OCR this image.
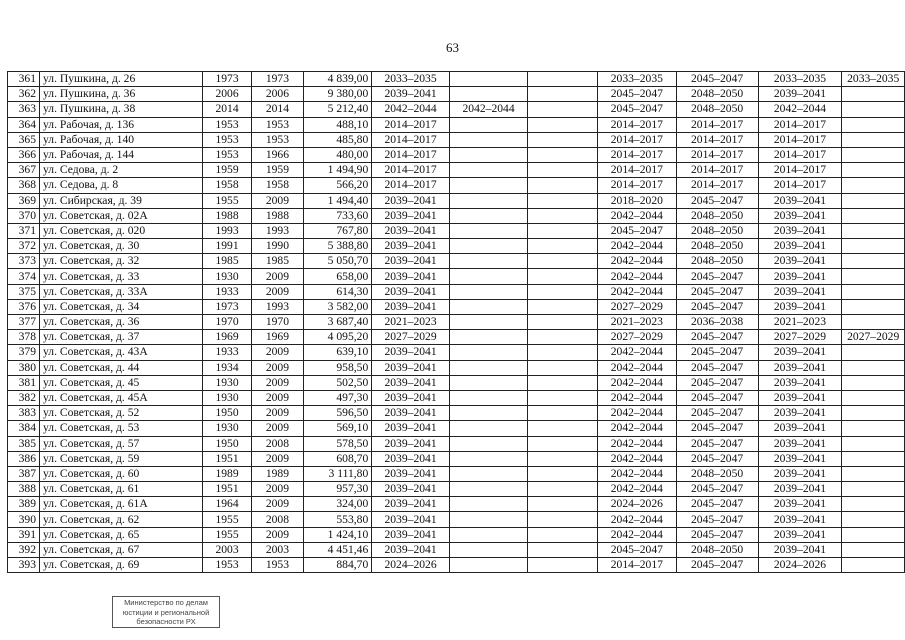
63
361	ул. Пушкина, д. 26	1973	1973	4 839,00	2033–2035			2033–2035	2045–2047	2033–2035	2033–2035
362	ул. Пушкина, д. 36	2006	2006	9 380,00	2039–2041			2045–2047	2048–2050	2039–2041	
363	ул. Пушкина, д. 38	2014	2014	5 212,40	2042–2044	2042–2044		2045–2047	2048–2050	2042–2044	
364	ул. Рабочая, д. 136	1953	1953	488,10	2014–2017			2014–2017	2014–2017	2014–2017	
365	ул. Рабочая, д. 140	1953	1953	485,80	2014–2017			2014–2017	2014–2017	2014–2017	
366	ул. Рабочая, д. 144	1953	1966	480,00	2014–2017			2014–2017	2014–2017	2014–2017	
367	ул. Седова, д. 2	1959	1959	1 494,90	2014–2017			2014–2017	2014–2017	2014–2017	
368	ул. Седова, д. 8	1958	1958	566,20	2014–2017			2014–2017	2014–2017	2014–2017	
369	ул. Сибирская, д. 39	1955	2009	1 494,40	2039–2041			2018–2020	2045–2047	2039–2041	
370	ул. Советская, д. 02А	1988	1988	733,60	2039–2041			2042–2044	2048–2050	2039–2041	
371	ул. Советская, д. 020	1993	1993	767,80	2039–2041			2045–2047	2048–2050	2039–2041	
372	ул. Советская, д. 30	1991	1990	5 388,80	2039–2041			2042–2044	2048–2050	2039–2041	
373	ул. Советская, д. 32	1985	1985	5 050,70	2039–2041			2042–2044	2048–2050	2039–2041	
374	ул. Советская, д. 33	1930	2009	658,00	2039–2041			2042–2044	2045–2047	2039–2041	
375	ул. Советская, д. 33А	1933	2009	614,30	2039–2041			2042–2044	2045–2047	2039–2041	
376	ул. Советская, д. 34	1973	1993	3 582,00	2039–2041			2027–2029	2045–2047	2039–2041	
377	ул. Советская, д. 36	1970	1970	3 687,40	2021–2023			2021–2023	2036–2038	2021–2023	
378	ул. Советская, д. 37	1969	1969	4 095,20	2027–2029			2027–2029	2045–2047	2027–2029	2027–2029
379	ул. Советская, д. 43А	1933	2009	639,10	2039–2041			2042–2044	2045–2047	2039–2041	
380	ул. Советская, д. 44	1934	2009	958,50	2039–2041			2042–2044	2045–2047	2039–2041	
381	ул. Советская, д. 45	1930	2009	502,50	2039–2041			2042–2044	2045–2047	2039–2041	
382	ул. Советская, д. 45А	1930	2009	497,30	2039–2041			2042–2044	2045–2047	2039–2041	
383	ул. Советская, д. 52	1950	2009	596,50	2039–2041			2042–2044	2045–2047	2039–2041	
384	ул. Советская, д. 53	1930	2009	569,10	2039–2041			2042–2044	2045–2047	2039–2041	
385	ул. Советская, д. 57	1950	2008	578,50	2039–2041			2042–2044	2045–2047	2039–2041	
386	ул. Советская, д. 59	1951	2009	608,70	2039–2041			2042–2044	2045–2047	2039–2041	
387	ул. Советская, д. 60	1989	1989	3 111,80	2039–2041			2042–2044	2048–2050	2039–2041	
388	ул. Советская, д. 61	1951	2009	957,30	2039–2041			2042–2044	2045–2047	2039–2041	
389	ул. Советская, д. 61А	1964	2009	324,00	2039–2041			2024–2026	2045–2047	2039–2041	
390	ул. Советская, д. 62	1955	2008	553,80	2039–2041			2042–2044	2045–2047	2039–2041	
391	ул. Советская, д. 65	1955	2009	1 424,10	2039–2041			2042–2044	2045–2047	2039–2041	
392	ул. Советская, д. 67	2003	2003	4 451,46	2039–2041			2045–2047	2048–2050	2039–2041	
393	ул. Советская, д. 69	1953	1953	884,70	2024–2026			2014–2017	2045–2047	2024–2026	
Министерство по делам
юстиции и региональной
безопасности РХ
